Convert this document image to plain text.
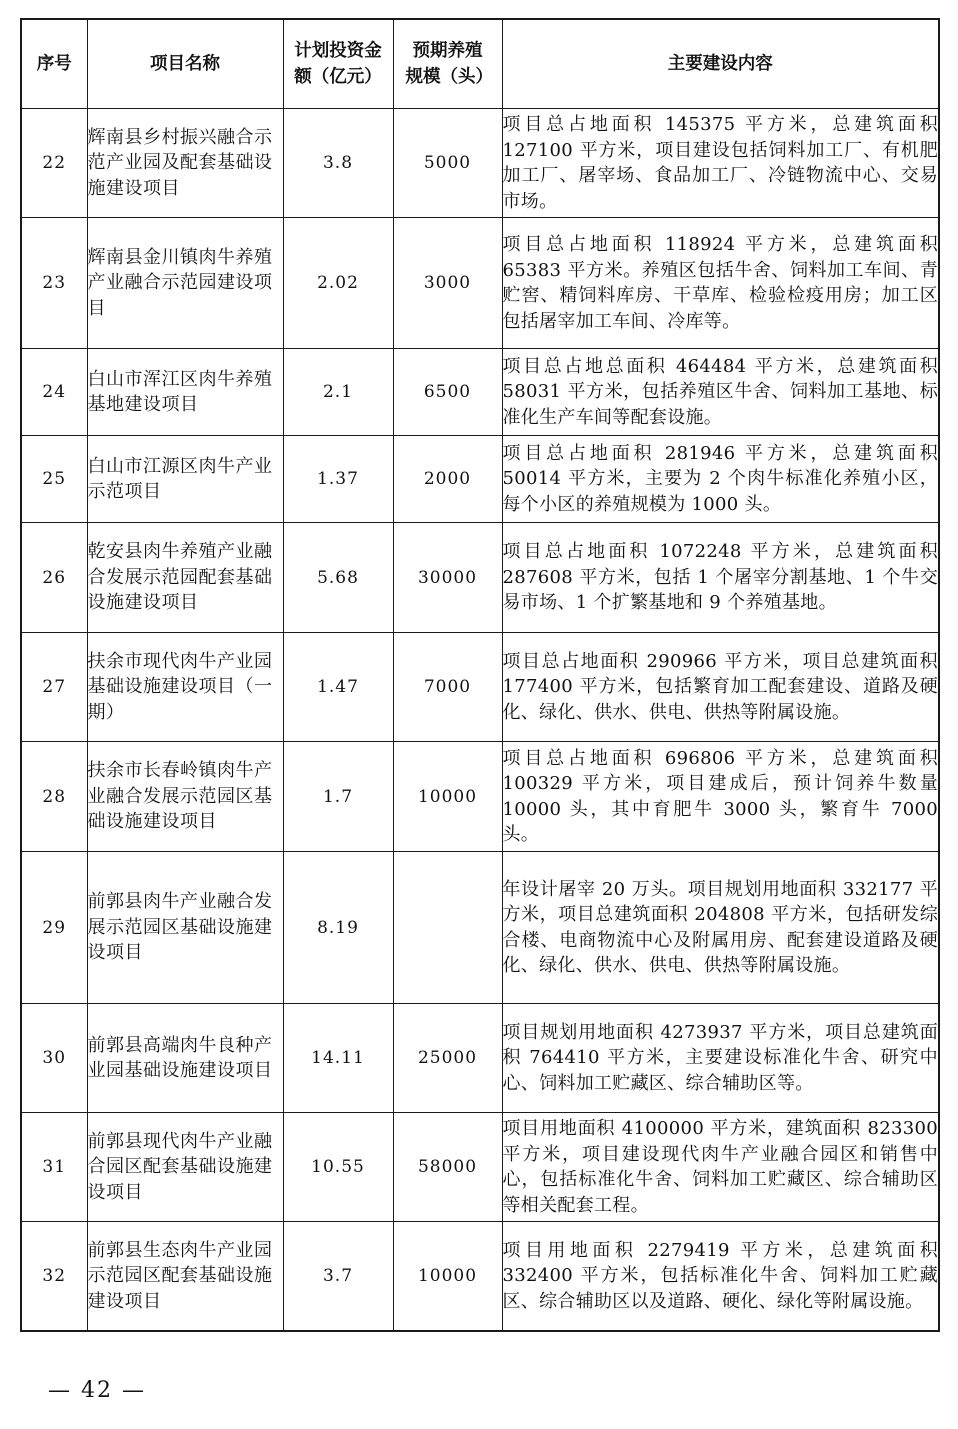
序号	项目名称	计划投资金额（亿元）	预期养殖规模（头）	主要建设内容
22	辉南县乡村振兴融合示范产业园及配套基础设施建设项目	3.8	5000	项目总占地面积 145375 平方米，总建筑面积 127100 平方米，项目建设包括饲料加工厂、有机肥加工厂、屠宰场、食品加工厂、冷链物流中心、交易市场。
23	辉南县金川镇肉牛养殖产业融合示范园建设项目	2.02	3000	项目总占地面积 118924 平方米，总建筑面积 65383 平方米。养殖区包括牛舍、饲料加工车间、青贮窖、精饲料库房、干草库、检验检疫用房；加工区包括屠宰加工车间、冷库等。
24	白山市浑江区肉牛养殖基地建设项目	2.1	6500	项目总占地总面积 464484 平方米，总建筑面积 58031 平方米，包括养殖区牛舍、饲料加工基地、标准化生产车间等配套设施。
25	白山市江源区肉牛产业示范项目	1.37	2000	项目总占地面积 281946 平方米，总建筑面积 50014 平方米，主要为 2 个肉牛标准化养殖小区，每个小区的养殖规模为 1000 头。
26	乾安县肉牛养殖产业融合发展示范园配套基础设施建设项目	5.68	30000	项目总占地面积 1072248 平方米，总建筑面积 287608 平方米，包括 1 个屠宰分割基地、1 个牛交易市场、1 个扩繁基地和 9 个养殖基地。
27	扶余市现代肉牛产业园基础设施建设项目（一期）	1.47	7000	项目总占地面积 290966 平方米，项目总建筑面积 177400 平方米，包括繁育加工配套建设、道路及硬化、绿化、供水、供电、供热等附属设施。
28	扶余市长春岭镇肉牛产业融合发展示范园区基础设施建设项目	1.7	10000	项目总占地面积 696806 平方米，总建筑面积 100329 平方米，项目建成后，预计饲养牛数量 10000 头，其中育肥牛 3000 头，繁育牛 7000 头。
29	前郭县肉牛产业融合发展示范园区基础设施建设项目	8.19		年设计屠宰 20 万头。项目规划用地面积 332177 平方米，项目总建筑面积 204808 平方米，包括研发综合楼、电商物流中心及附属用房、配套建设道路及硬化、绿化、供水、供电、供热等附属设施。
30	前郭县高端肉牛良种产业园基础设施建设项目	14.11	25000	项目规划用地面积 4273937 平方米，项目总建筑面积 764410 平方米，主要建设标准化牛舍、研究中心、饲料加工贮藏区、综合辅助区等。
31	前郭县现代肉牛产业融合园区配套基础设施建设项目	10.55	58000	项目用地面积 4100000 平方米，建筑面积 823300 平方米，项目建设现代肉牛产业融合园区和销售中心，包括标准化牛舍、饲料加工贮藏区、综合辅助区等相关配套工程。
32	前郭县生态肉牛产业园示范园区配套基础设施建设项目	3.7	10000	项目用地面积 2279419 平方米，总建筑面积 332400 平方米，包括标准化牛舍、饲料加工贮藏区、综合辅助区以及道路、硬化、绿化等附属设施。
— 42 —
